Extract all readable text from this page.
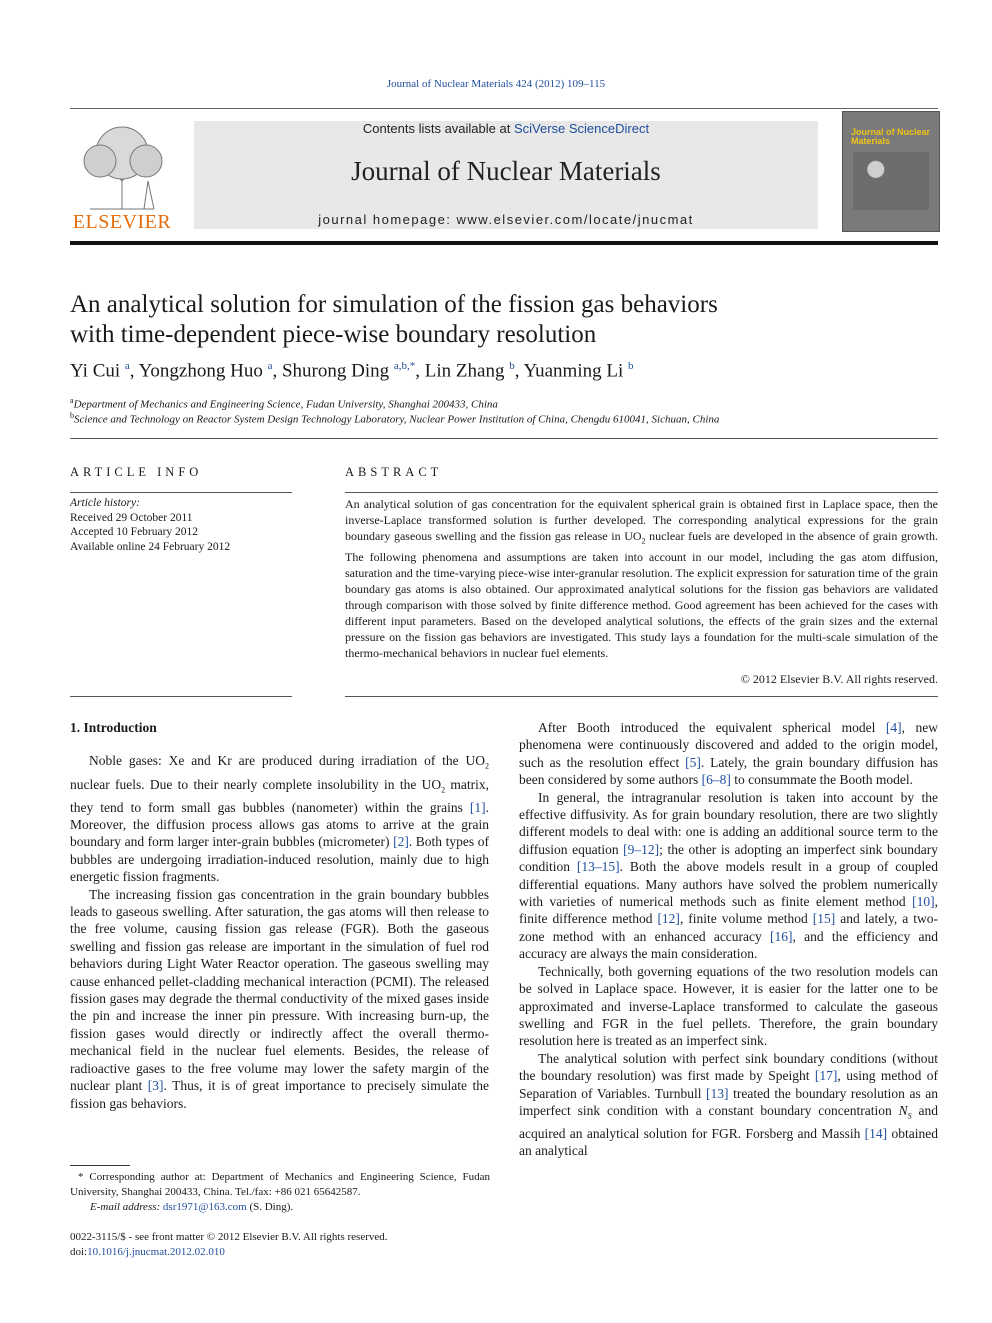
Journal of Nuclear Materials 424 (2012) 109–115
ELSEVIER
Contents lists available at SciVerse ScienceDirect
Journal of Nuclear Materials
journal homepage: www.elsevier.com/locate/jnucmat
Journal of Nuclear Materials
An analytical solution for simulation of the fission gas behaviors
with time-dependent piece-wise boundary resolution
Yi Cui $^a$, Yongzhong Huo $^a$, Shurong Ding $^{a,b,*}$, Lin Zhang $^b$, Yuanming Li $^b$
$^a$Department of Mechanics and Engineering Science, Fudan University, Shanghai 200433, China
$^b$Science and Technology on Reactor System Design Technology Laboratory, Nuclear Power Institution of China, Chengdu 610041, Sichuan, China
ARTICLE INFO
Article history:
Received 29 October 2011
Accepted 10 February 2012
Available online 24 February 2012
ABSTRACT
An analytical solution of gas concentration for the equivalent spherical grain is obtained first in Laplace space, then the inverse-Laplace transformed solution is further developed. The corresponding analytical expressions for the grain boundary gaseous swelling and the fission gas release in $UO_2$ nuclear fuels are developed in the absence of grain growth. The following phenomena and assumptions are taken into account in our model, including the gas atom diffusion, saturation and the time-varying piece-wise inter-granular resolution. The explicit expression for saturation time of the grain boundary gas atoms is also obtained. Our approximated analytical solutions for the fission gas behaviors are validated through comparison with those solved by finite difference method. Good agreement has been achieved for the cases with different input parameters. Based on the developed analytical solutions, the effects of the grain sizes and the external pressure on the fission gas behaviors are investigated. This study lays a foundation for the multi-scale simulation of the thermo-mechanical behaviors in nuclear fuel elements.
© 2012 Elsevier B.V. All rights reserved.
1. Introduction

Noble gases: Xe and Kr are produced during irradiation of the $UO_2$ nuclear fuels. Due to their nearly complete insolubility in the $UO_2$ matrix, they tend to form small gas bubbles (nanometer) within the grains [1]. Moreover, the diffusion process allows gas atoms to arrive at the grain boundary and form larger inter-grain bubbles (micrometer) [2]. Both types of bubbles are undergoing irradiation-induced resolution, mainly due to high energetic fission fragments.

The increasing fission gas concentration in the grain boundary bubbles leads to gaseous swelling. After saturation, the gas atoms will then release to the free volume, causing fission gas release (FGR). Both the gaseous swelling and fission gas release are important in the simulation of fuel rod behaviors during Light Water Reactor operation. The gaseous swelling may cause enhanced pellet-cladding mechanical interaction (PCMI). The released fission gases may degrade the thermal conductivity of the mixed gases inside the pin and increase the inner pin pressure. With increasing burn-up, the fission gases would directly or indirectly affect the overall thermo-mechanical field in the nuclear fuel elements. Besides, the release of radioactive gases to the free volume may lower the safety margin of the nuclear plant [3]. Thus, it is of great importance to precisely simulate the fission gas behaviors.

After Booth introduced the equivalent spherical model [4], new phenomena were continuously discovered and added to the origin model, such as the resolution effect [5]. Lately, the grain boundary diffusion has been considered by some authors [6–8] to consummate the Booth model.

In general, the intragranular resolution is taken into account by the effective diffusivity. As for grain boundary resolution, there are two slightly different models to deal with: one is adding an additional source term to the diffusion equation [9–12]; the other is adopting an imperfect sink boundary condition [13–15]. Both the above models result in a group of coupled differential equations. Many authors have solved the problem numerically with varieties of numerical methods such as finite element method [10], finite difference method [12], finite volume method [15] and lately, a two-zone method with an enhanced accuracy [16], and the efficiency and accuracy are always the main consideration.

Technically, both governing equations of the two resolution models can be solved in Laplace space. However, it is easier for the latter one to be approximated and inverse-Laplace transformed to calculate the gaseous swelling and FGR in the fuel pellets. Therefore, the grain boundary resolution here is treated as an imperfect sink.

The analytical solution with perfect sink boundary conditions (without the boundary resolution) was first made by Speight [17], using method of Separation of Variables. Turnbull [13] treated the boundary resolution as an imperfect sink condition with a constant boundary concentration $N_S$ and acquired an analytical solution for FGR. Forsberg and Massih [14] obtained an analytical

* Corresponding author at: Department of Mechanics and Engineering Science, Fudan University, Shanghai 200433, China. Tel./fax: +86 021 65642587.

E-mail address: dsr1971@163.com (S. Ding).

0022-3115/$ - see front matter © 2012 Elsevier B.V. All rights reserved.
doi:10.1016/j.jnucmat.2012.02.010
